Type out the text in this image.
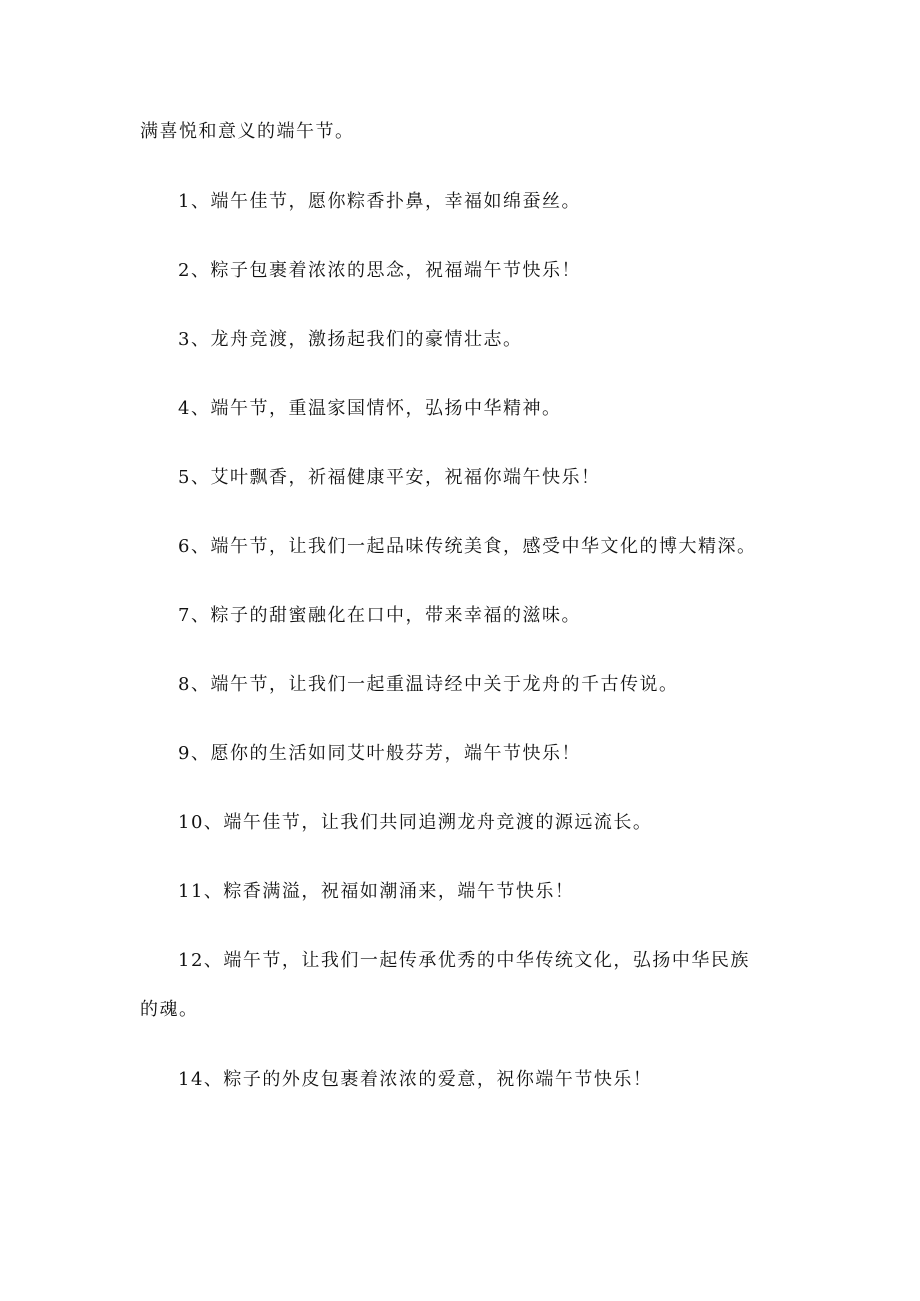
满喜悦和意义的端午节。
1、端午佳节，愿你粽香扑鼻，幸福如绵蚕丝。
2、粽子包裹着浓浓的思念，祝福端午节快乐！
3、龙舟竞渡，激扬起我们的豪情壮志。
4、端午节，重温家国情怀，弘扬中华精神。
5、艾叶飘香，祈福健康平安，祝福你端午快乐！
6、端午节，让我们一起品味传统美食，感受中华文化的博大精深。
7、粽子的甜蜜融化在口中，带来幸福的滋味。
8、端午节，让我们一起重温诗经中关于龙舟的千古传说。
9、愿你的生活如同艾叶般芬芳，端午节快乐！
10、端午佳节，让我们共同追溯龙舟竞渡的源远流长。
11、粽香满溢，祝福如潮涌来，端午节快乐！
12、端午节，让我们一起传承优秀的中华传统文化，弘扬中华民族
的魂。
14、粽子的外皮包裹着浓浓的爱意，祝你端午节快乐！
